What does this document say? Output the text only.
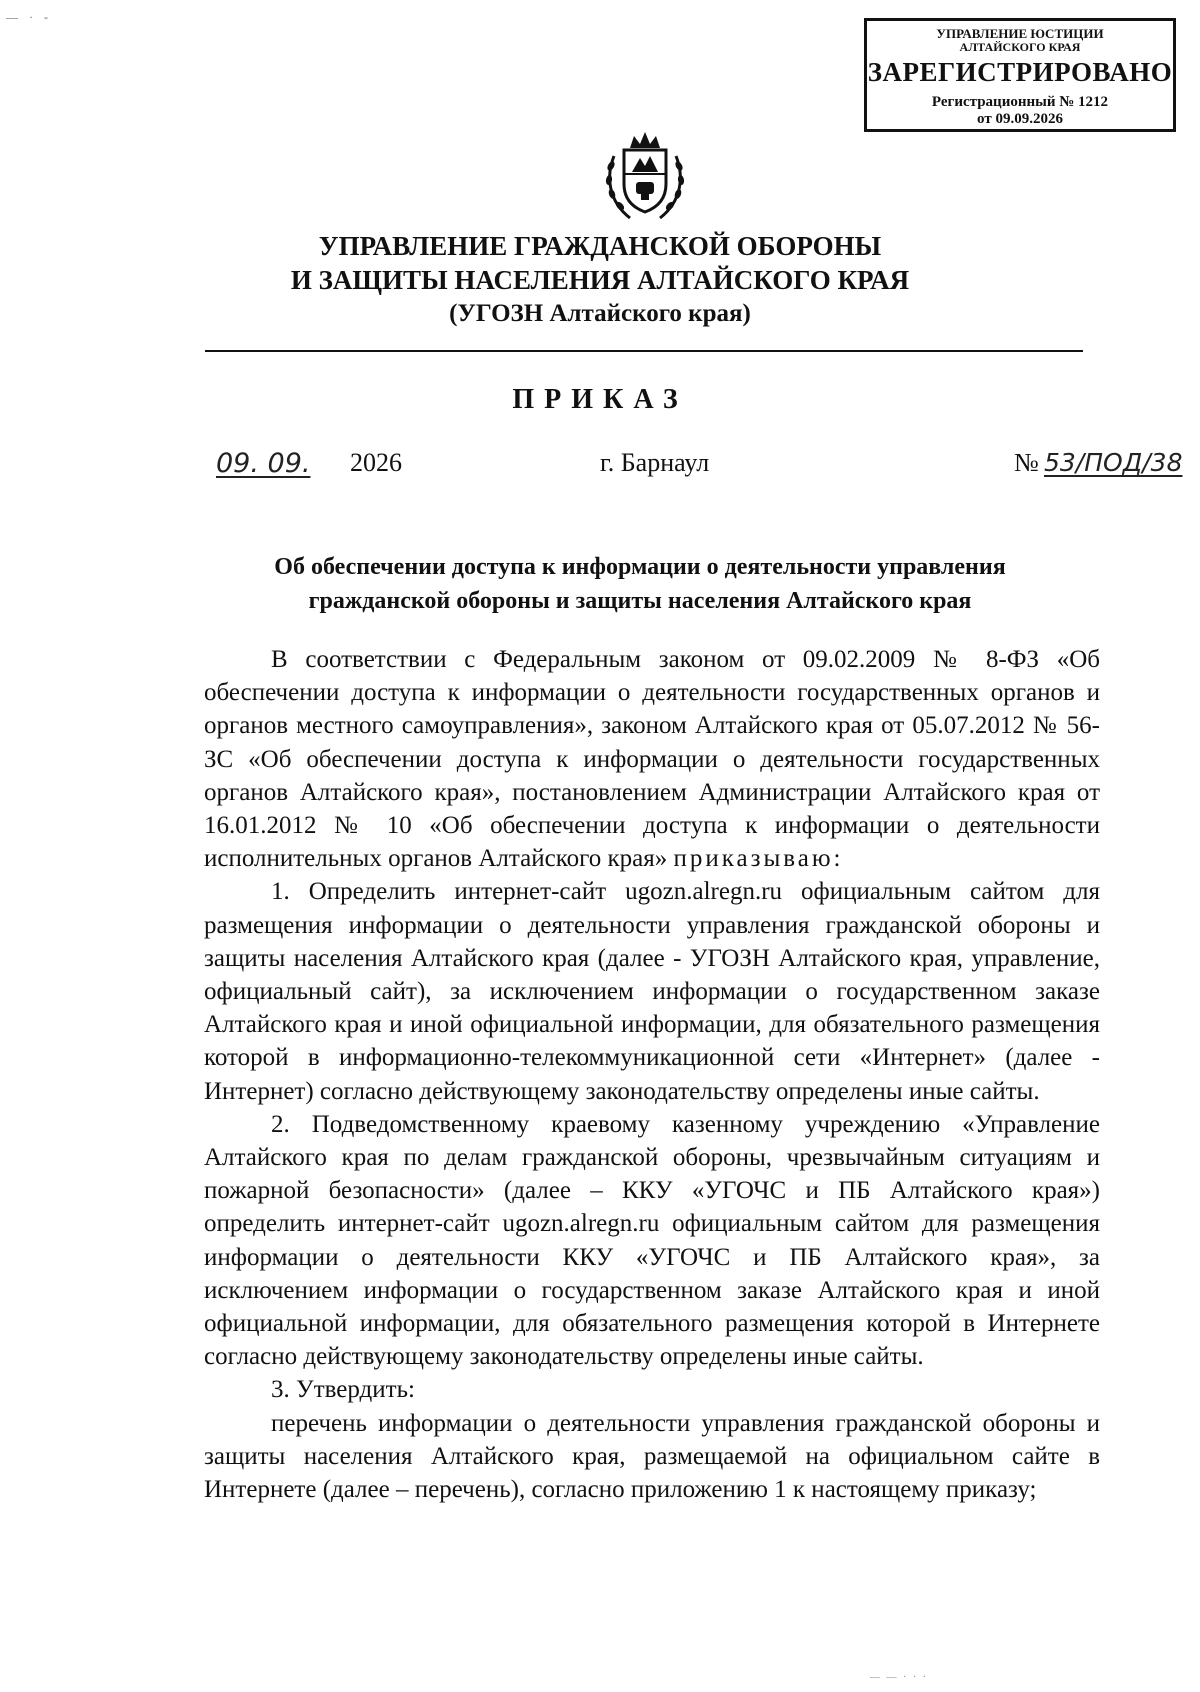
— · -
УПРАВЛЕНИЕ ЮСТИЦИИ
АЛТАЙСКОГО КРАЯ
ЗАРЕГИСТРИРОВАНО
Регистрационный № 1212
от 09.09.2026
УПРАВЛЕНИЕ ГРАЖДАНСКОЙ ОБОРОНЫ
И ЗАЩИТЫ НАСЕЛЕНИЯ АЛТАЙСКОГО КРАЯ
(УГОЗН Алтайского края)
ПРИКАЗ
09. 09. 2026	г. Барнаул	№ 53/ПОД/38
Об обеспечении доступа к информации о деятельности управления
гражданской обороны и защиты населения Алтайского края

В соответствии с Федеральным законом от 09.02.2009 № 8-ФЗ «Об обеспечении доступа к информации о деятельности государственных органов и органов местного самоуправления», законом Алтайского края от 05.07.2012 № 56-ЗС «Об обеспечении доступа к информации о деятельности государственных органов Алтайского края», постановлением Администрации Алтайского края от 16.01.2012 № 10 «Об обеспечении доступа к информации о деятельности исполнительных органов Алтайского края» приказываю:

1. Определить интернет-сайт ugozn.alregn.ru официальным сайтом для размещения информации о деятельности управления гражданской обороны и защиты населения Алтайского края (далее - УГОЗН Алтайского края, управление, официальный сайт), за исключением информации о государственном заказе Алтайского края и иной официальной информации, для обязательного размещения которой в информационно-телекоммуникационной сети «Интернет» (далее - Интернет) согласно действующему законодательству определены иные сайты.

2. Подведомственному краевому казенному учреждению «Управление Алтайского края по делам гражданской обороны, чрезвычайным ситуациям и пожарной безопасности» (далее – ККУ «УГОЧС и ПБ Алтайского края») определить интернет-сайт ugozn.alregn.ru официальным сайтом для размещения информации о деятельности ККУ «УГОЧС и ПБ Алтайского края», за исключением информации о государственном заказе Алтайского края и иной официальной информации, для обязательного размещения которой в Интернете согласно действующему законодательству определены иные сайты.

3. Утвердить:

перечень информации о деятельности управления гражданской обороны и защиты населения Алтайского края, размещаемой на официальном сайте в Интернете (далее – перечень), согласно приложению 1 к настоящему приказу;

— — · · ·
